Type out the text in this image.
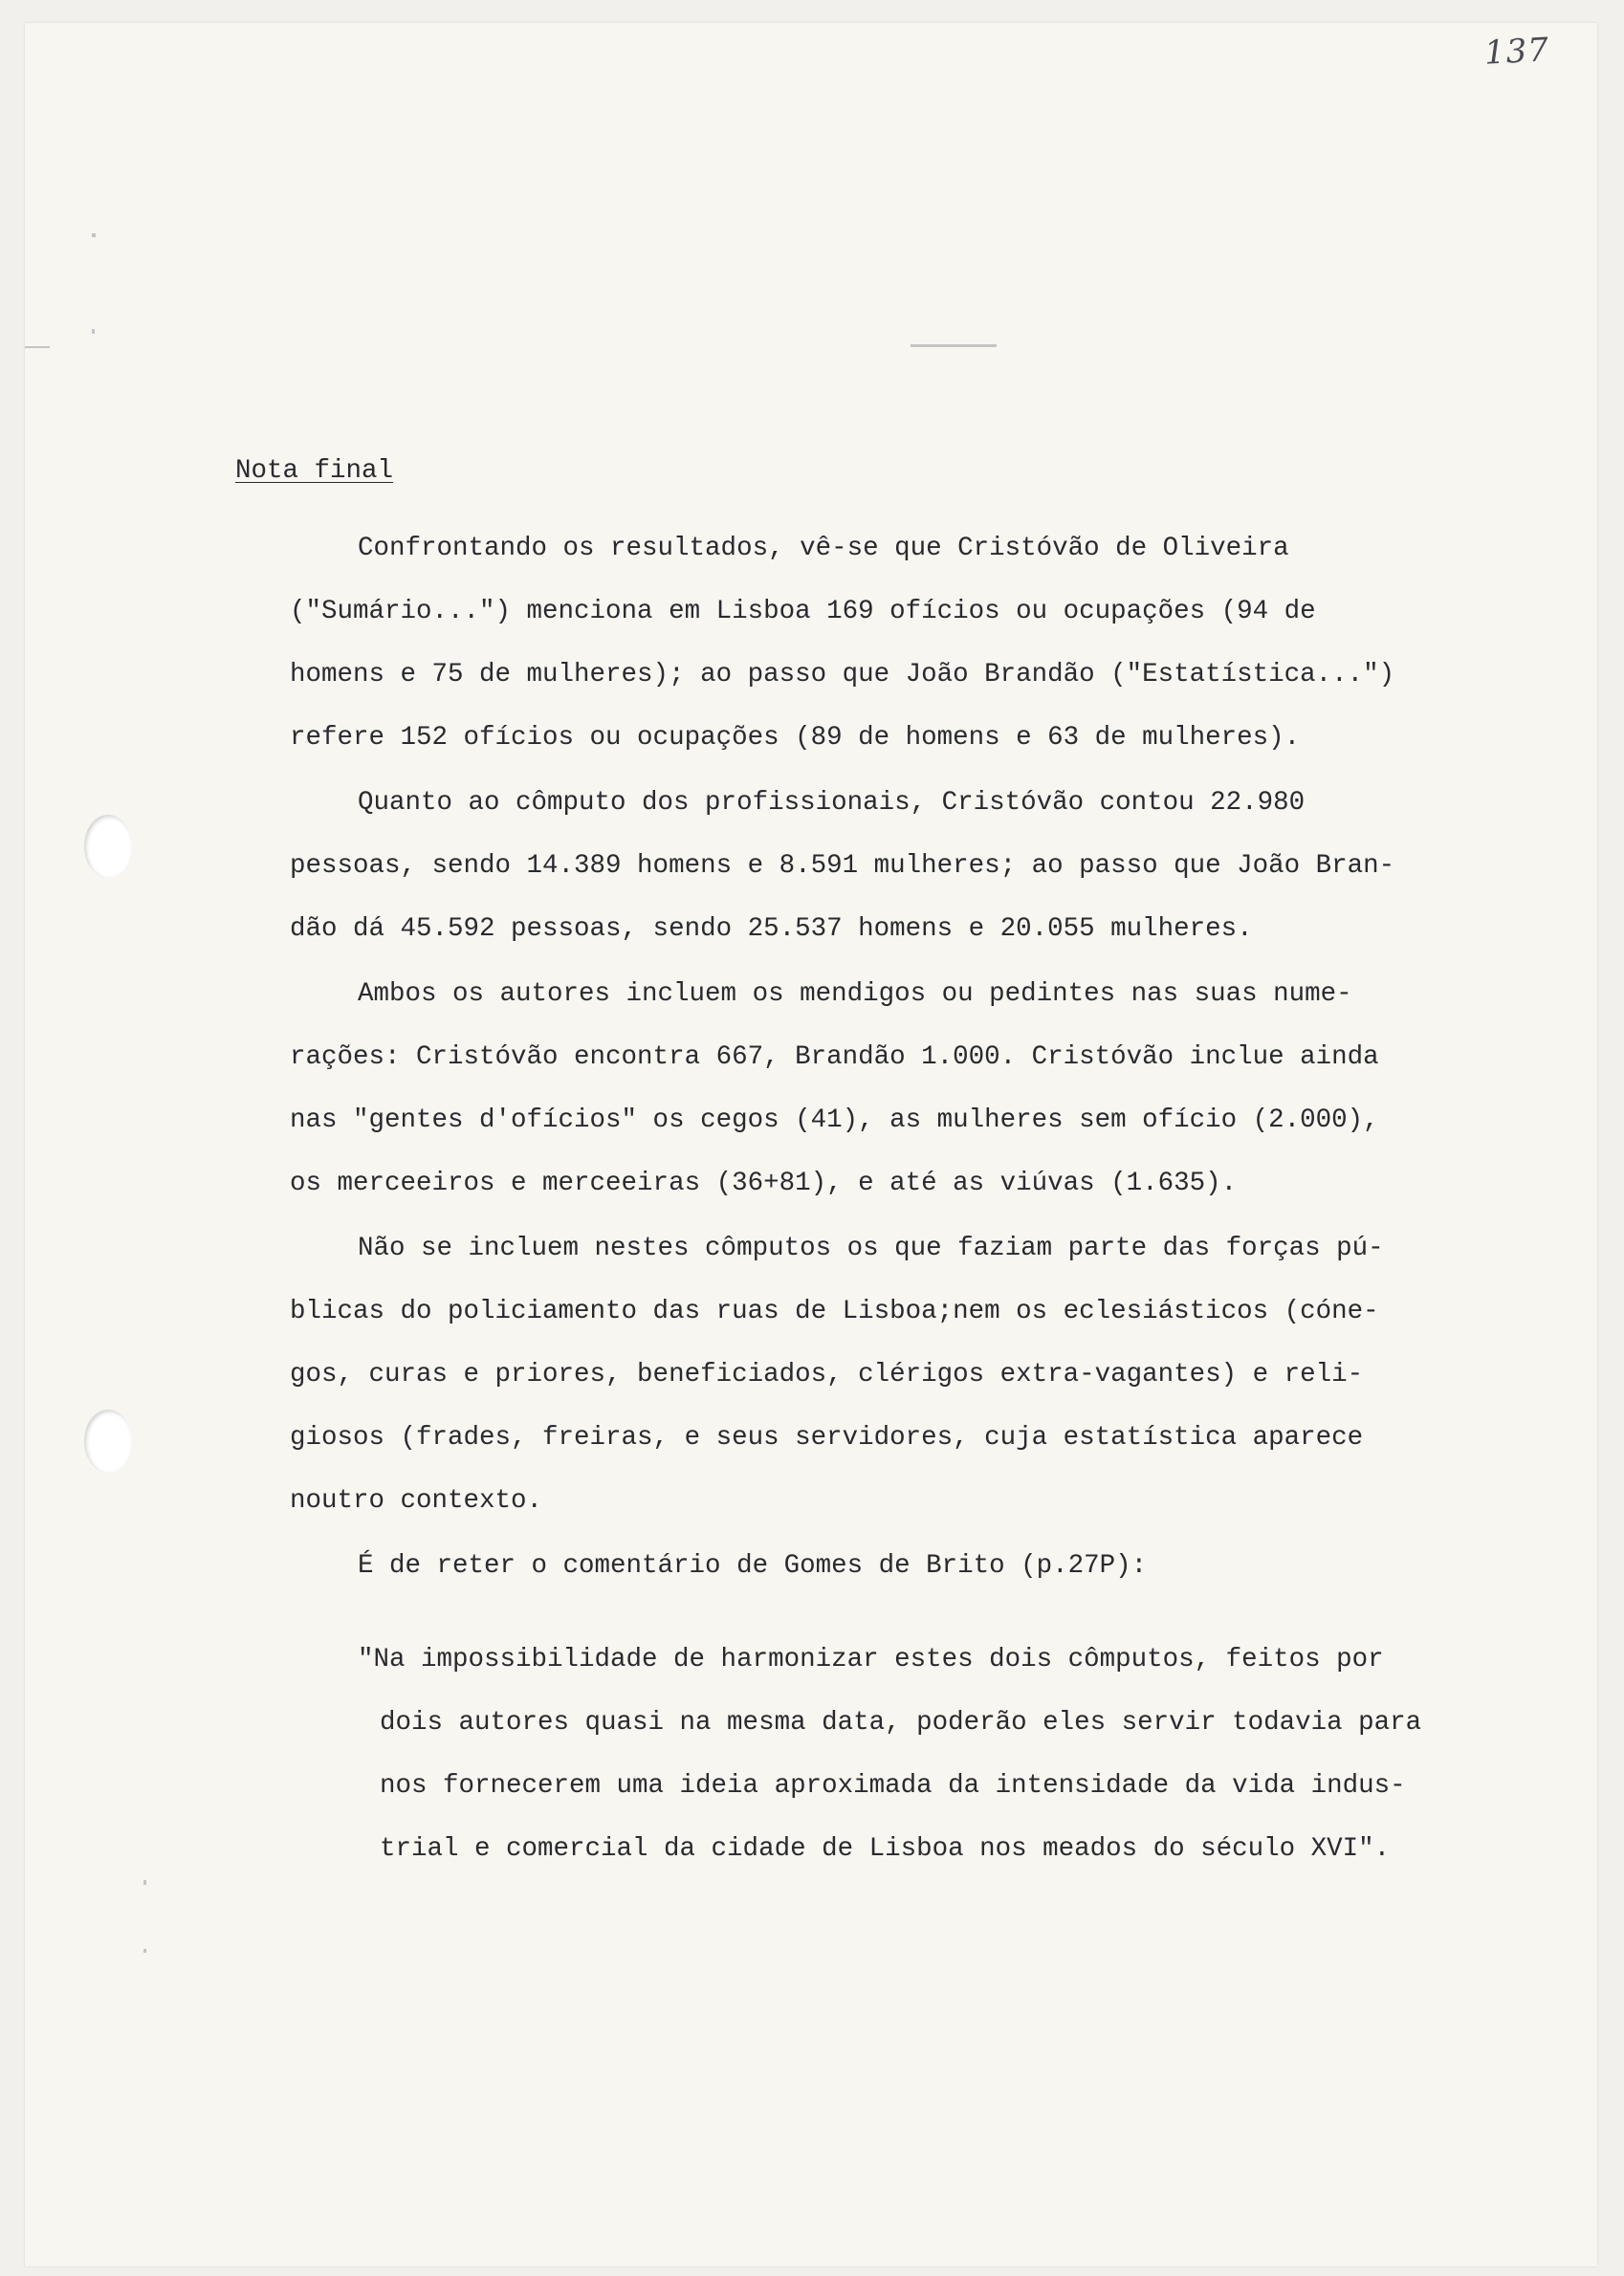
137
Nota final
Confrontando os resultados, vê-se que Cristóvão de Oliveira
("Sumário...") menciona em Lisboa 169 ofícios ou ocupações (94 de
homens e 75 de mulheres); ao passo que João Brandão ("Estatística...")
refere 152 ofícios ou ocupações (89 de homens e 63 de mulheres).
Quanto ao cômputo dos profissionais, Cristóvão contou 22.980
pessoas, sendo 14.389 homens e 8.591 mulheres; ao passo que João Bran-
dão dá 45.592 pessoas, sendo 25.537 homens e 20.055 mulheres.
Ambos os autores incluem os mendigos ou pedintes nas suas nume-
rações: Cristóvão encontra 667, Brandão 1.000. Cristóvão inclue ainda
nas "gentes d'ofícios" os cegos (41), as mulheres sem ofício (2.000),
os merceeiros e merceeiras (36+81), e até as viúvas (1.635).
Não se incluem nestes cômputos os que faziam parte das forças pú-
blicas do policiamento das ruas de Lisboa;nem os eclesiásticos (cóne-
gos, curas e priores, beneficiados, clérigos extra-vagantes) e reli-
giosos (frades, freiras, e seus servidores, cuja estatística aparece
noutro contexto.
É de reter o comentário de Gomes de Brito (p.27P):
"Na impossibilidade de harmonizar estes dois cômputos, feitos por
dois autores quasi na mesma data, poderão eles servir todavia para
nos fornecerem uma ideia aproximada da intensidade da vida indus-
trial e comercial da cidade de Lisboa nos meados do século XVI".
